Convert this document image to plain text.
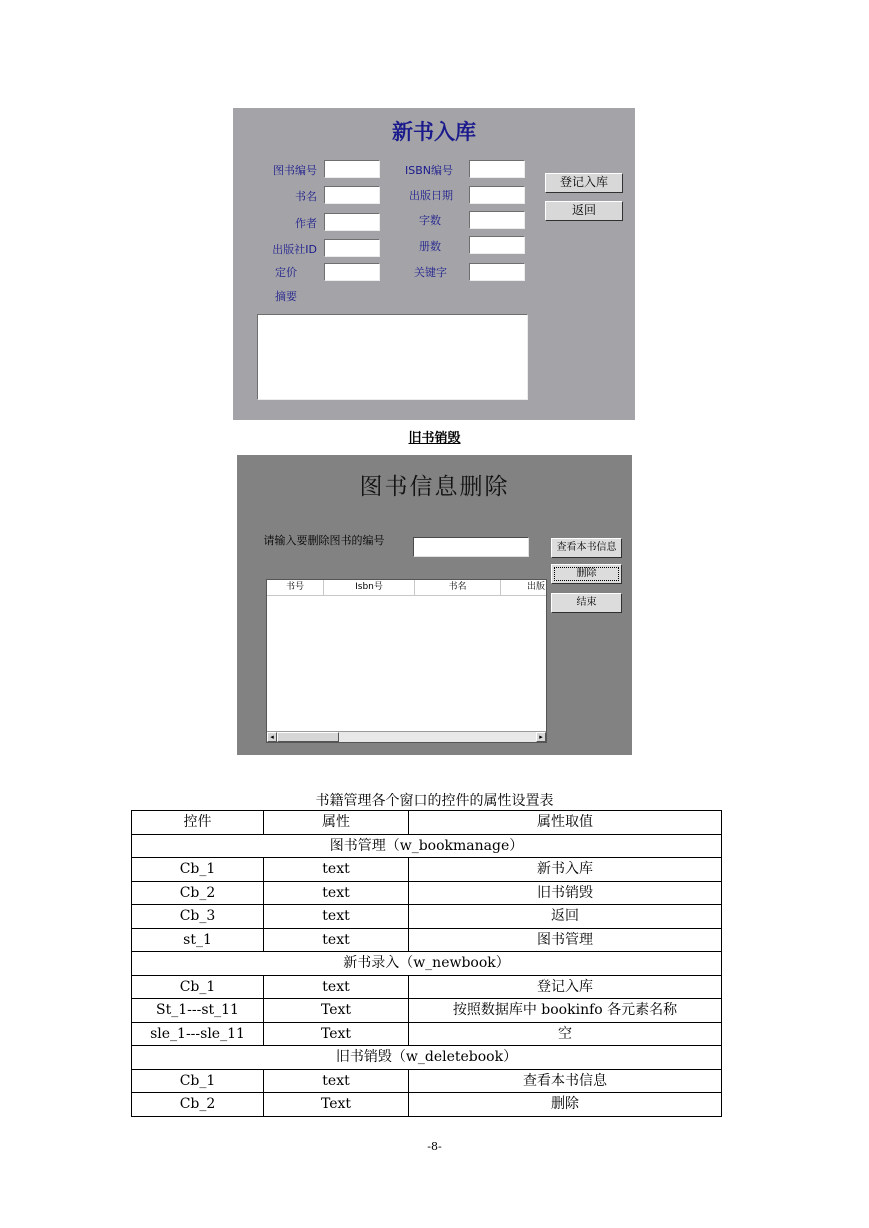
新书入库
图书编号
书名
作者
出版社ID
定价
摘要
ISBN编号
出版日期
字数
册数
关键字
登记入库
返回
旧书销毁
图书信息删除
请输入要删除图书的编号
查看本书信息
删除
结束
书号	Isbn号	书名	出版
◂	▸
书籍管理各个窗口的控件的属性设置表
控件	属性	属性取值
图书管理（w_bookmanage）		
Cb_1	text	新书入库
Cb_2	text	旧书销毁
Cb_3	text	返回
st_1	text	图书管理
新书录入（w_newbook）		
Cb_1	text	登记入库
St_1---st_11	Text	按照数据库中 bookinfo 各元素名称
sle_1---sle_11	Text	空
旧书销毁（w_deletebook）		
Cb_1	text	查看本书信息
Cb_2	Text	删除
-8-
